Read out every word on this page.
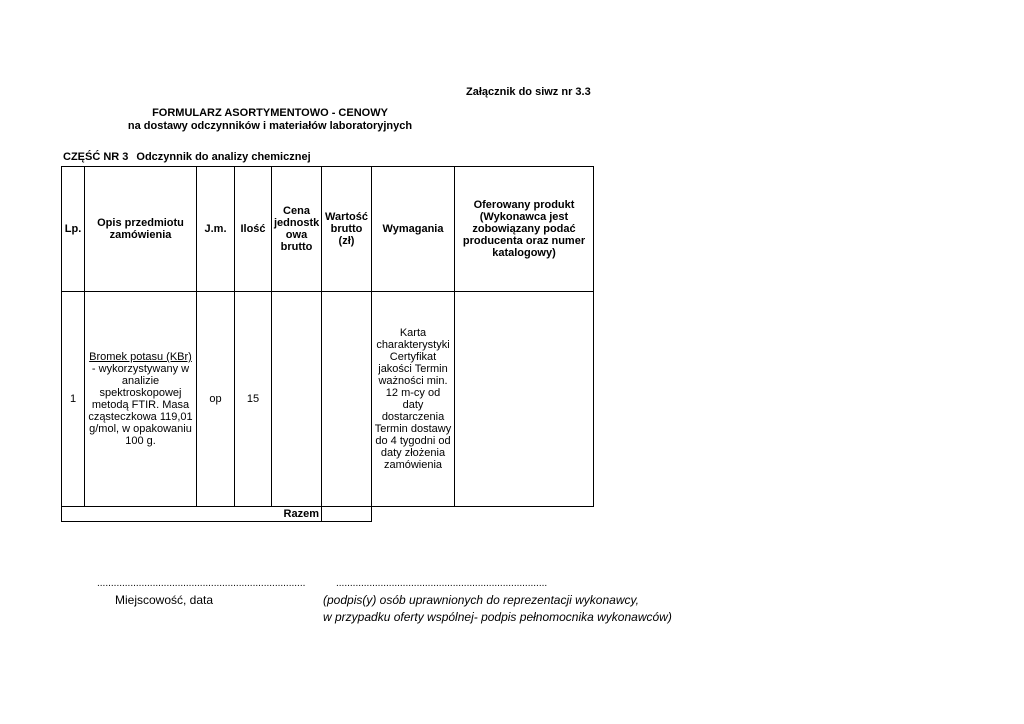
Załącznik do siwz nr 3.3
FORMULARZ ASORTYMENTOWO - CENOWY
na dostawy odczynników i materiałów laboratoryjnych
CZĘŚĆ NR 3 Odczynnik do analizy chemicznej
Lp.	Opis przedmiotu zamówienia	J.m.	Ilość	Cena jednostk owa brutto	Wartość brutto (zł)	Wymagania	Oferowany produkt (Wykonawca jest zobowiązany podać producenta oraz numer katalogowy)
1	Bromek potasu (KBr) - wykorzystywany w analizie spektroskopowej metodą FTIR. Masa cząsteczkowa 119,01 g/mol, w opakowaniu 100 g.	op	15			Karta charakterystyki Certyfikat jakości Termin ważności min. 12 m-cy od daty dostarczenia Termin dostawy do 4 tygodni od daty złożenia zamówienia	
Razem							
...........................................................................	............................................................................
Miejscowość, data	(podpis(y) osób uprawnionych do reprezentacji wykonawcy,
w przypadku oferty wspólnej- podpis pełnomocnika wykonawców)
